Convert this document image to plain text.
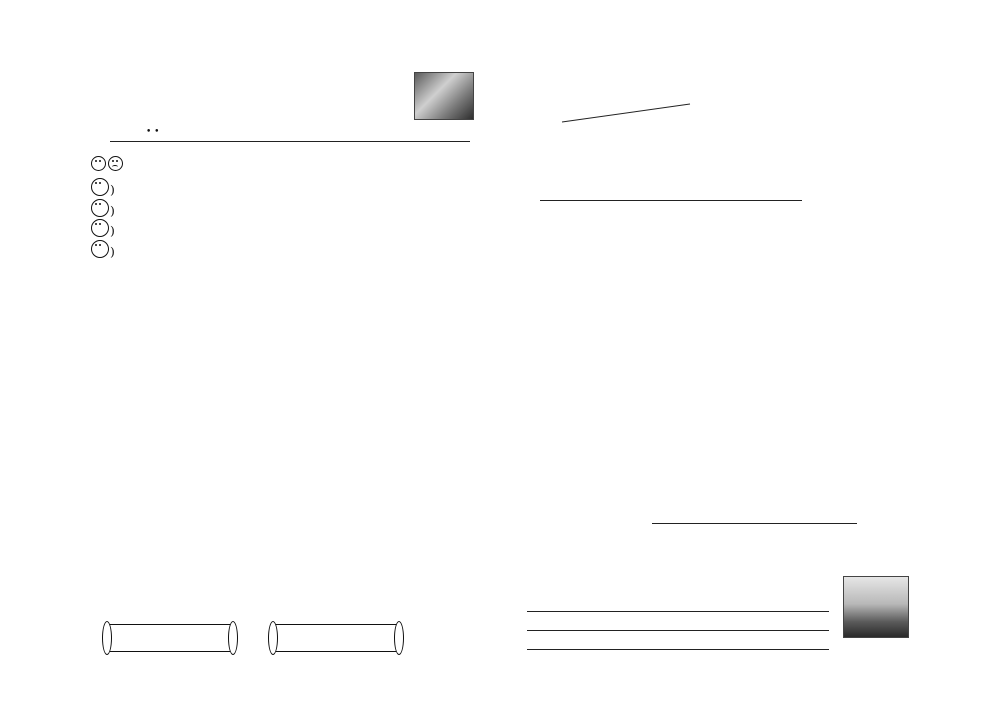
• •
)
)
)
)
